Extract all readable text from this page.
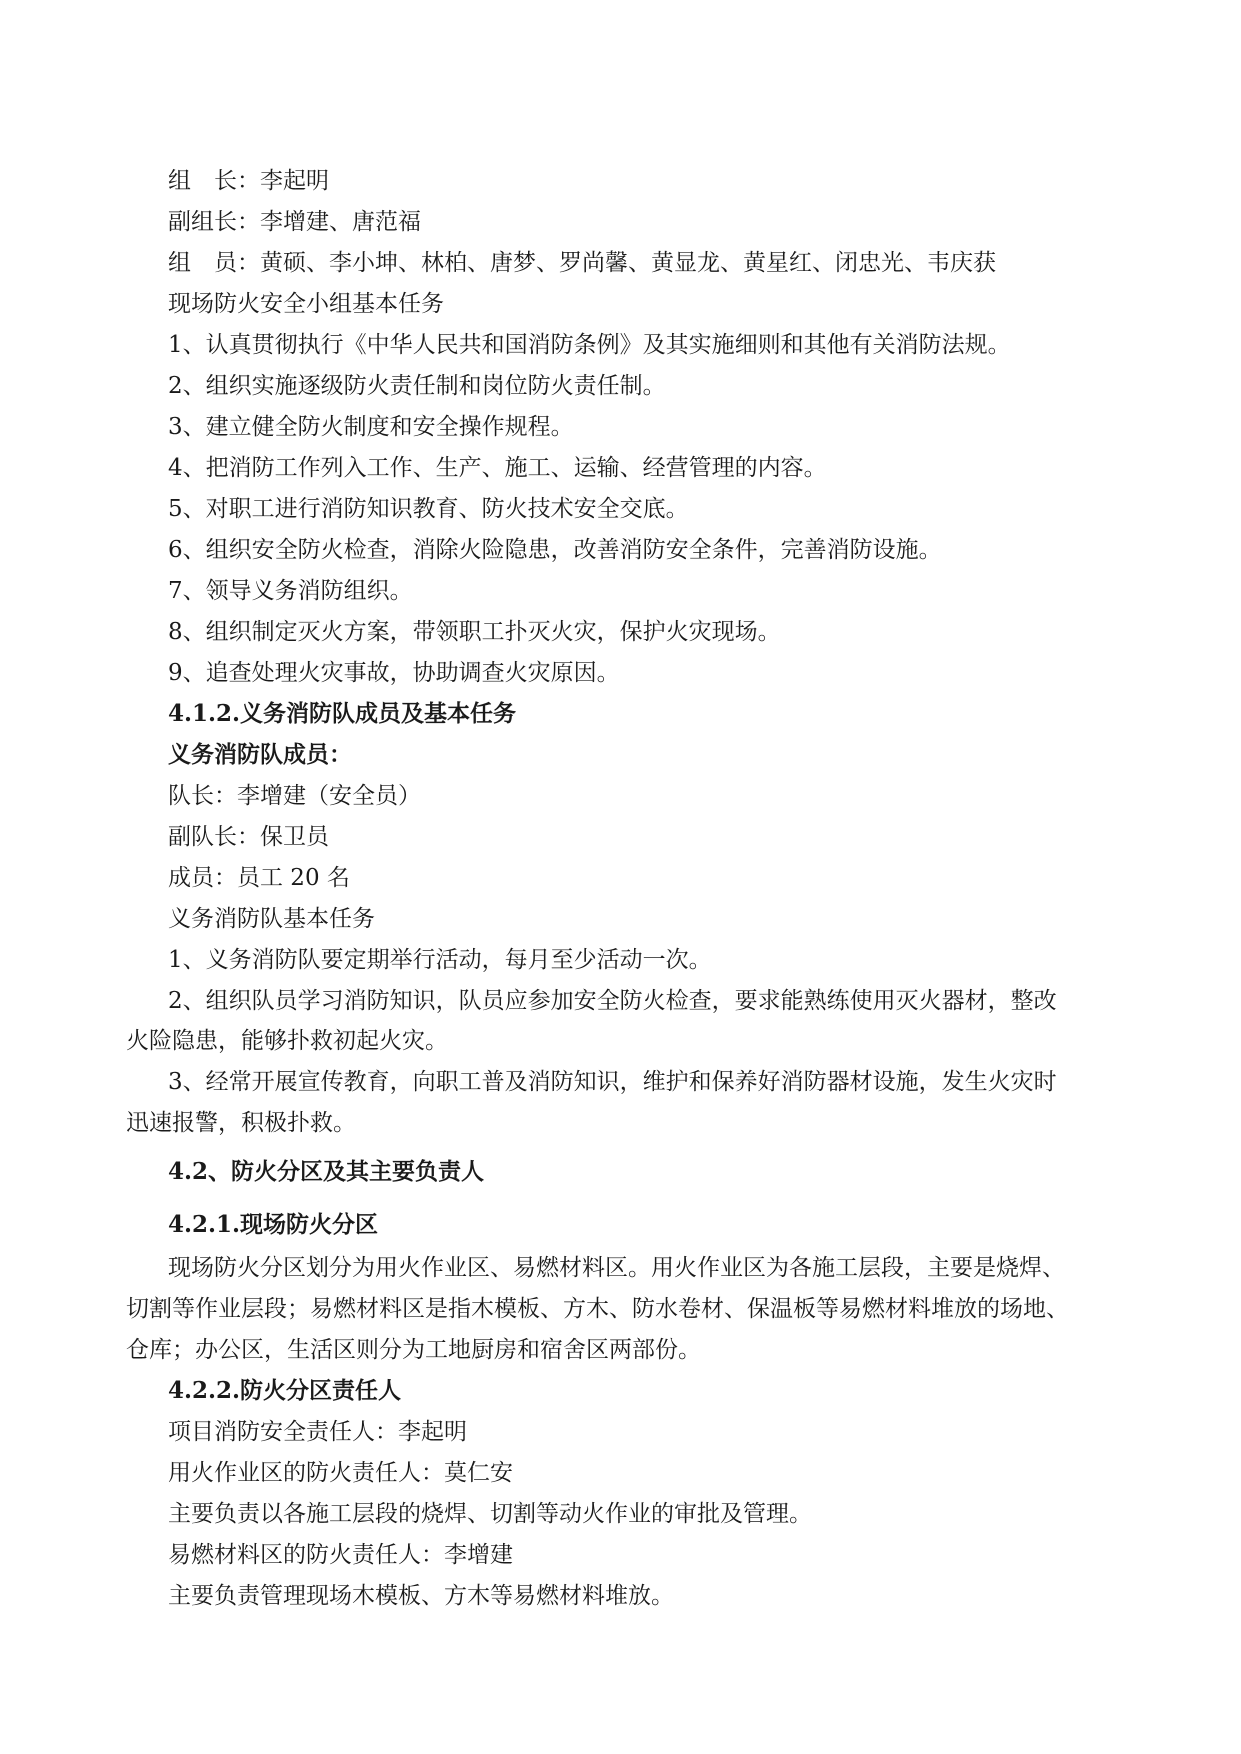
组　长：李起明
副组长：李增建、唐范福
组　员：黄硕、李小坤、林柏、唐梦、罗尚馨、黄显龙、黄星红、闭忠光、韦庆获
现场防火安全小组基本任务
1、认真贯彻执行《中华人民共和国消防条例》及其实施细则和其他有关消防法规。
2、组织实施逐级防火责任制和岗位防火责任制。
3、建立健全防火制度和安全操作规程。
4、把消防工作列入工作、生产、施工、运输、经营管理的内容。
5、对职工进行消防知识教育、防火技术安全交底。
6、组织安全防火检查，消除火险隐患，改善消防安全条件，完善消防设施。
7、领导义务消防组织。
8、组织制定灭火方案，带领职工扑灭火灾，保护火灾现场。
9、追查处理火灾事故，协助调查火灾原因。
4.1.2.义务消防队成员及基本任务
义务消防队成员：
队长：李增建（安全员）
副队长：保卫员
成员：员工 20 名
义务消防队基本任务
1、义务消防队要定期举行活动，每月至少活动一次。
2、组织队员学习消防知识，队员应参加安全防火检查，要求能熟练使用灭火器材，整改
火险隐患，能够扑救初起火灾。
3、经常开展宣传教育，向职工普及消防知识，维护和保养好消防器材设施，发生火灾时
迅速报警，积极扑救。
4.2、防火分区及其主要负责人
4.2.1.现场防火分区
现场防火分区划分为用火作业区、易燃材料区。用火作业区为各施工层段，主要是烧焊、
切割等作业层段；易燃材料区是指木模板、方木、防水卷材、保温板等易燃材料堆放的场地、
仓库；办公区，生活区则分为工地厨房和宿舍区两部份。
4.2.2.防火分区责任人
项目消防安全责任人：李起明
用火作业区的防火责任人：莫仁安
主要负责以各施工层段的烧焊、切割等动火作业的审批及管理。
易燃材料区的防火责任人：李增建
主要负责管理现场木模板、方木等易燃材料堆放。
